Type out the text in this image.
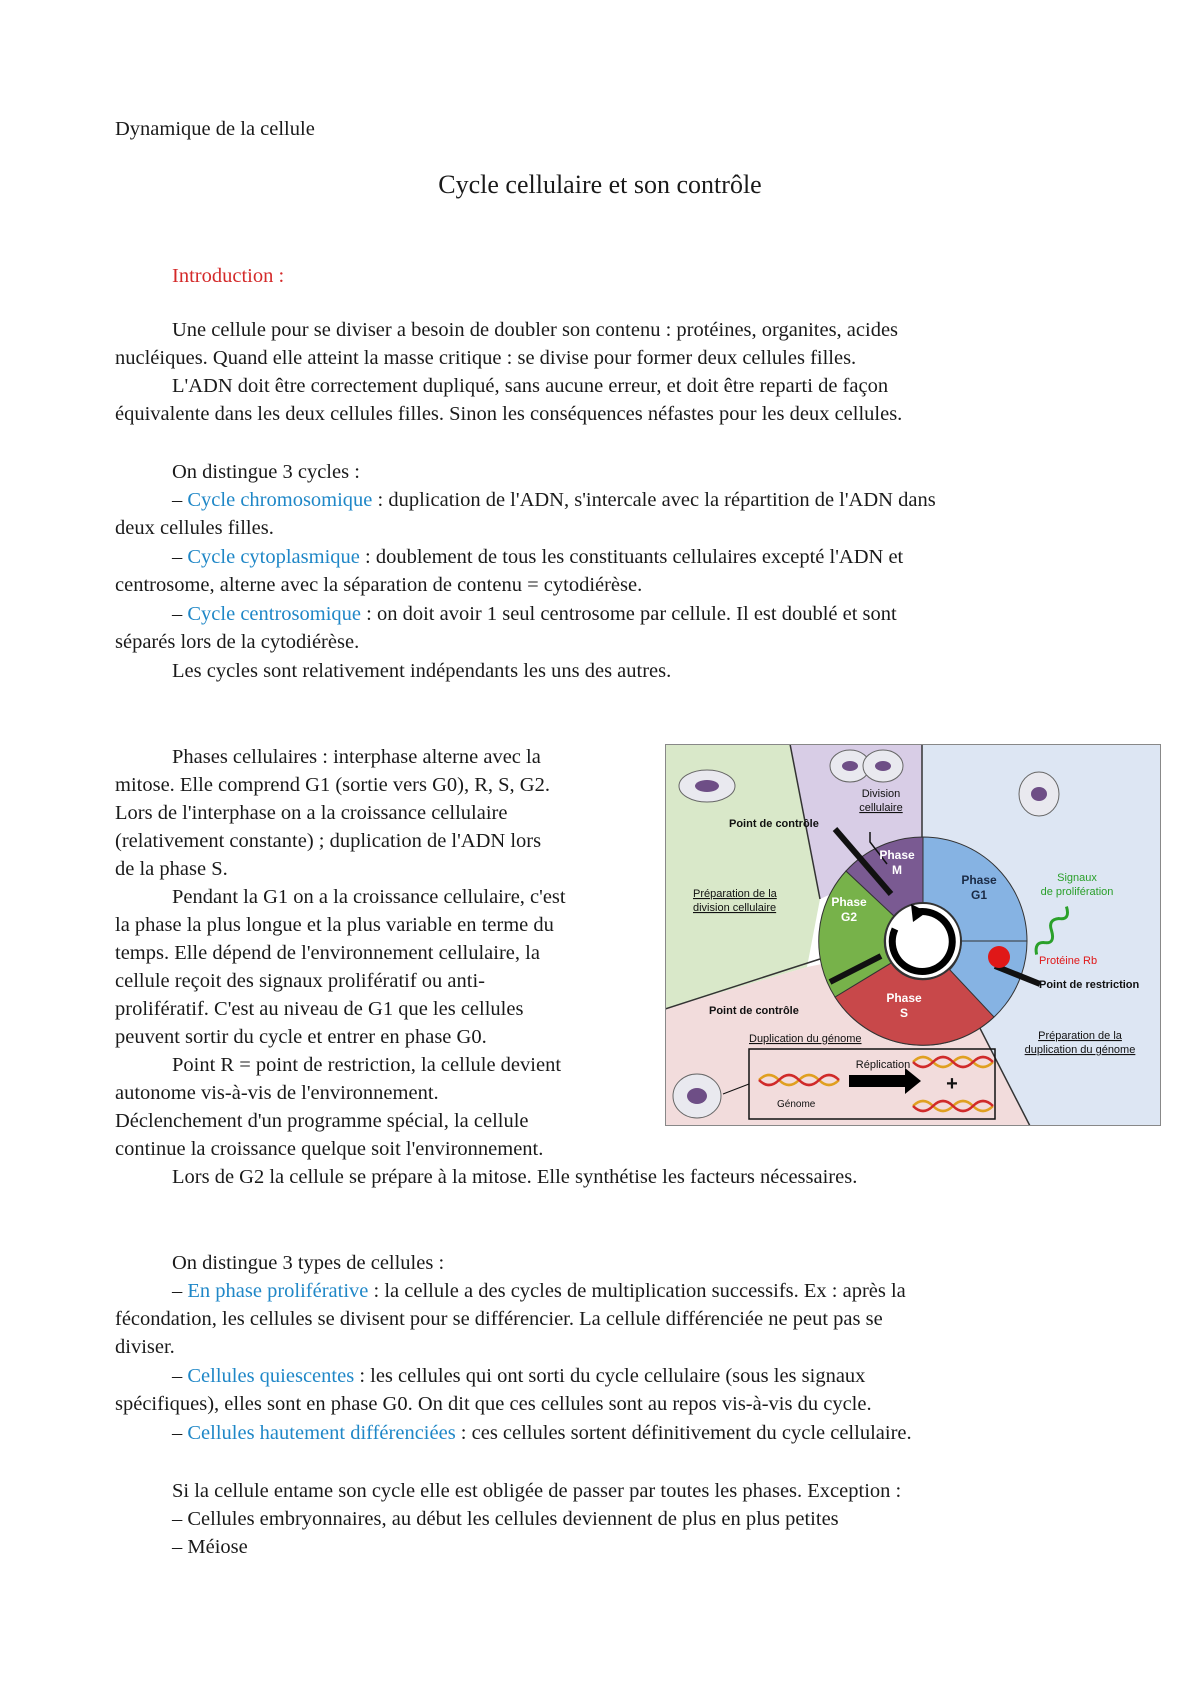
Dynamique de la cellule
Cycle cellulaire et son contrôle
Introduction :
Une cellule pour se diviser a besoin de doubler son contenu : protéines, organites, acides
nucléiques. Quand elle atteint la masse critique : se divise pour former deux cellules filles.
L'ADN doit être correctement dupliqué, sans aucune erreur, et doit être reparti de façon
équivalente dans les deux cellules filles. Sinon les conséquences néfastes pour les deux cellules.
On distingue 3 cycles :
– Cycle chromosomique : duplication de l'ADN, s'intercale avec la répartition de l'ADN dans
deux cellules filles.
– Cycle cytoplasmique : doublement de tous les constituants cellulaires excepté l'ADN et
centrosome, alterne avec la séparation de contenu = cytodiérèse.
– Cycle centrosomique : on doit avoir 1 seul centrosome par cellule. Il est doublé et sont
séparés lors de la cytodiérèse.
Les cycles sont relativement indépendants les uns des autres.
Phases cellulaires : interphase alterne avec la
mitose. Elle comprend G1 (sortie vers G0), R, S, G2.
Lors de l'interphase on a la croissance cellulaire
(relativement constante) ; duplication de l'ADN lors
de la phase S.
Pendant la G1 on a la croissance cellulaire, c'est
la phase la plus longue et la plus variable en terme du
temps. Elle dépend de l'environnement cellulaire, la
cellule reçoit des signaux prolifératif ou anti-
prolifératif. C'est au niveau de G1 que les cellules
peuvent sortir du cycle et entrer en phase G0.
Point R = point de restriction, la cellule devient
autonome vis-à-vis de l'environnement.
Déclenchement d'un programme spécial, la cellule
continue la croissance quelque soit l'environnement.
Lors de G2 la cellule se prépare à la mitose. Elle synthétise les facteurs nécessaires.
On distingue 3 types de cellules :
– En phase proliférative : la cellule a des cycles de multiplication successifs. Ex : après la
fécondation, les cellules se divisent pour se différencier. La cellule différenciée ne peut pas se
diviser.
– Cellules quiescentes : les cellules qui ont sorti du cycle cellulaire (sous les signaux
spécifiques), elles sont en phase G0. On dit que ces cellules sont au repos vis-à-vis du cycle.
– Cellules hautement différenciées : ces cellules sortent définitivement du cycle cellulaire.
Si la cellule entame son cycle elle est obligée de passer par toutes les phases. Exception :
– Cellules embryonnaires, au début les cellules deviennent de plus en plus petites
– Méiose
Division
cellulaire
Point de contrôle
Préparation de la
division cellulaire
Signaux
de prolifération
Protéine Rb
Point de restriction
Point de contrôle
Préparation de la
duplication du génome
Phase
M
Phase
G1
Phase
G2
Phase
S
Duplication du génome
Génome
Réplication
+
